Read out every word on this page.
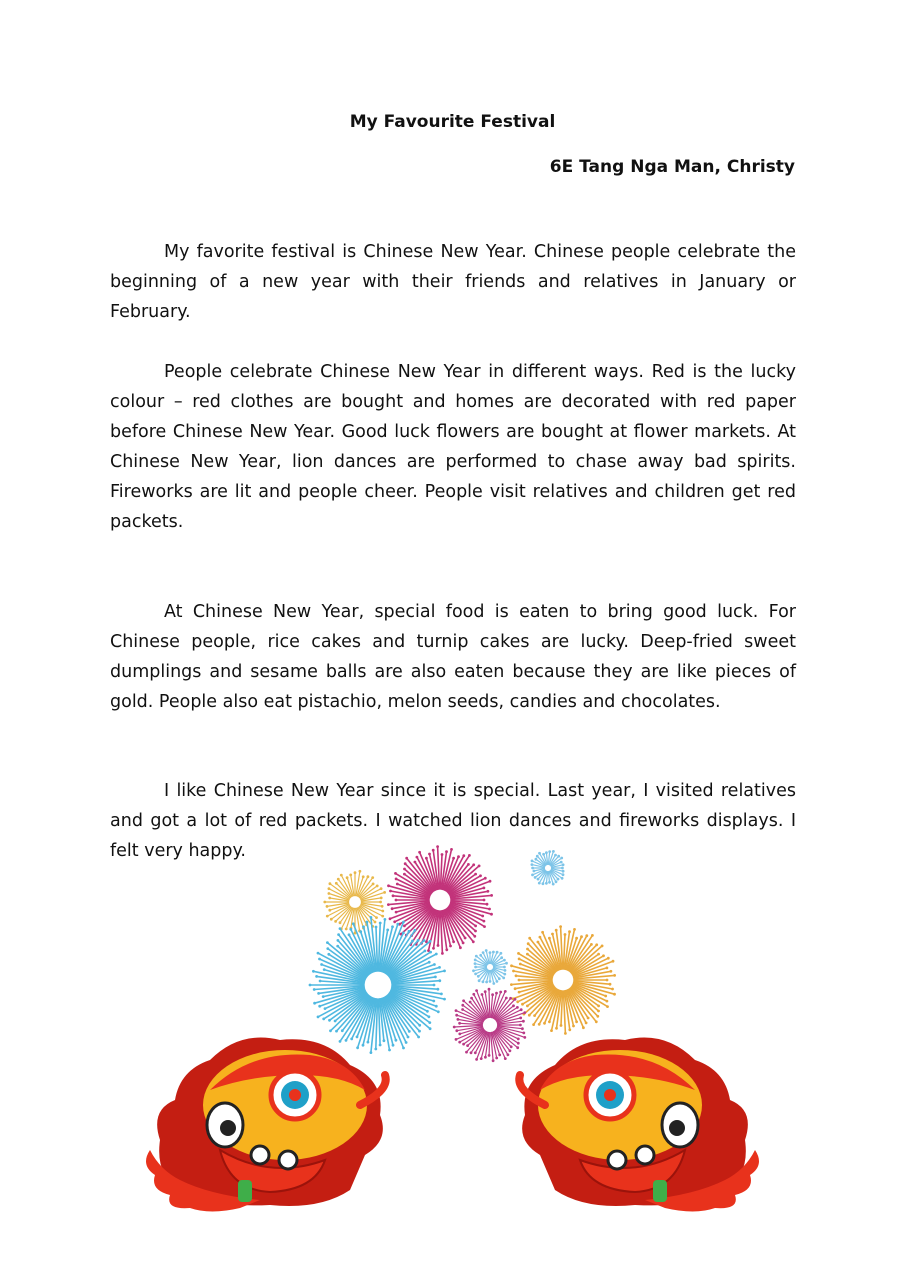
My Favourite Festival
6E Tang Nga Man, Christy

My favorite festival is Chinese New Year. Chinese people celebrate the beginning of a new year with their friends and relatives in January or February.

People celebrate Chinese New Year in different ways. Red is the lucky colour – red clothes are bought and homes are decorated with red paper before Chinese New Year. Good luck flowers are bought at flower markets. At Chinese New Year, lion dances are performed to chase away bad spirits. Fireworks are lit and people cheer. People visit relatives and children get red packets.

At Chinese New Year, special food is eaten to bring good luck. For Chinese people, rice cakes and turnip cakes are lucky. Deep-fried sweet dumplings and sesame balls are also eaten because they are like pieces of gold. People also eat pistachio, melon seeds, candies and chocolates.

I like Chinese New Year since it is special. Last year, I visited relatives and got a lot of red packets. I watched lion dances and fireworks displays. I felt very happy.
